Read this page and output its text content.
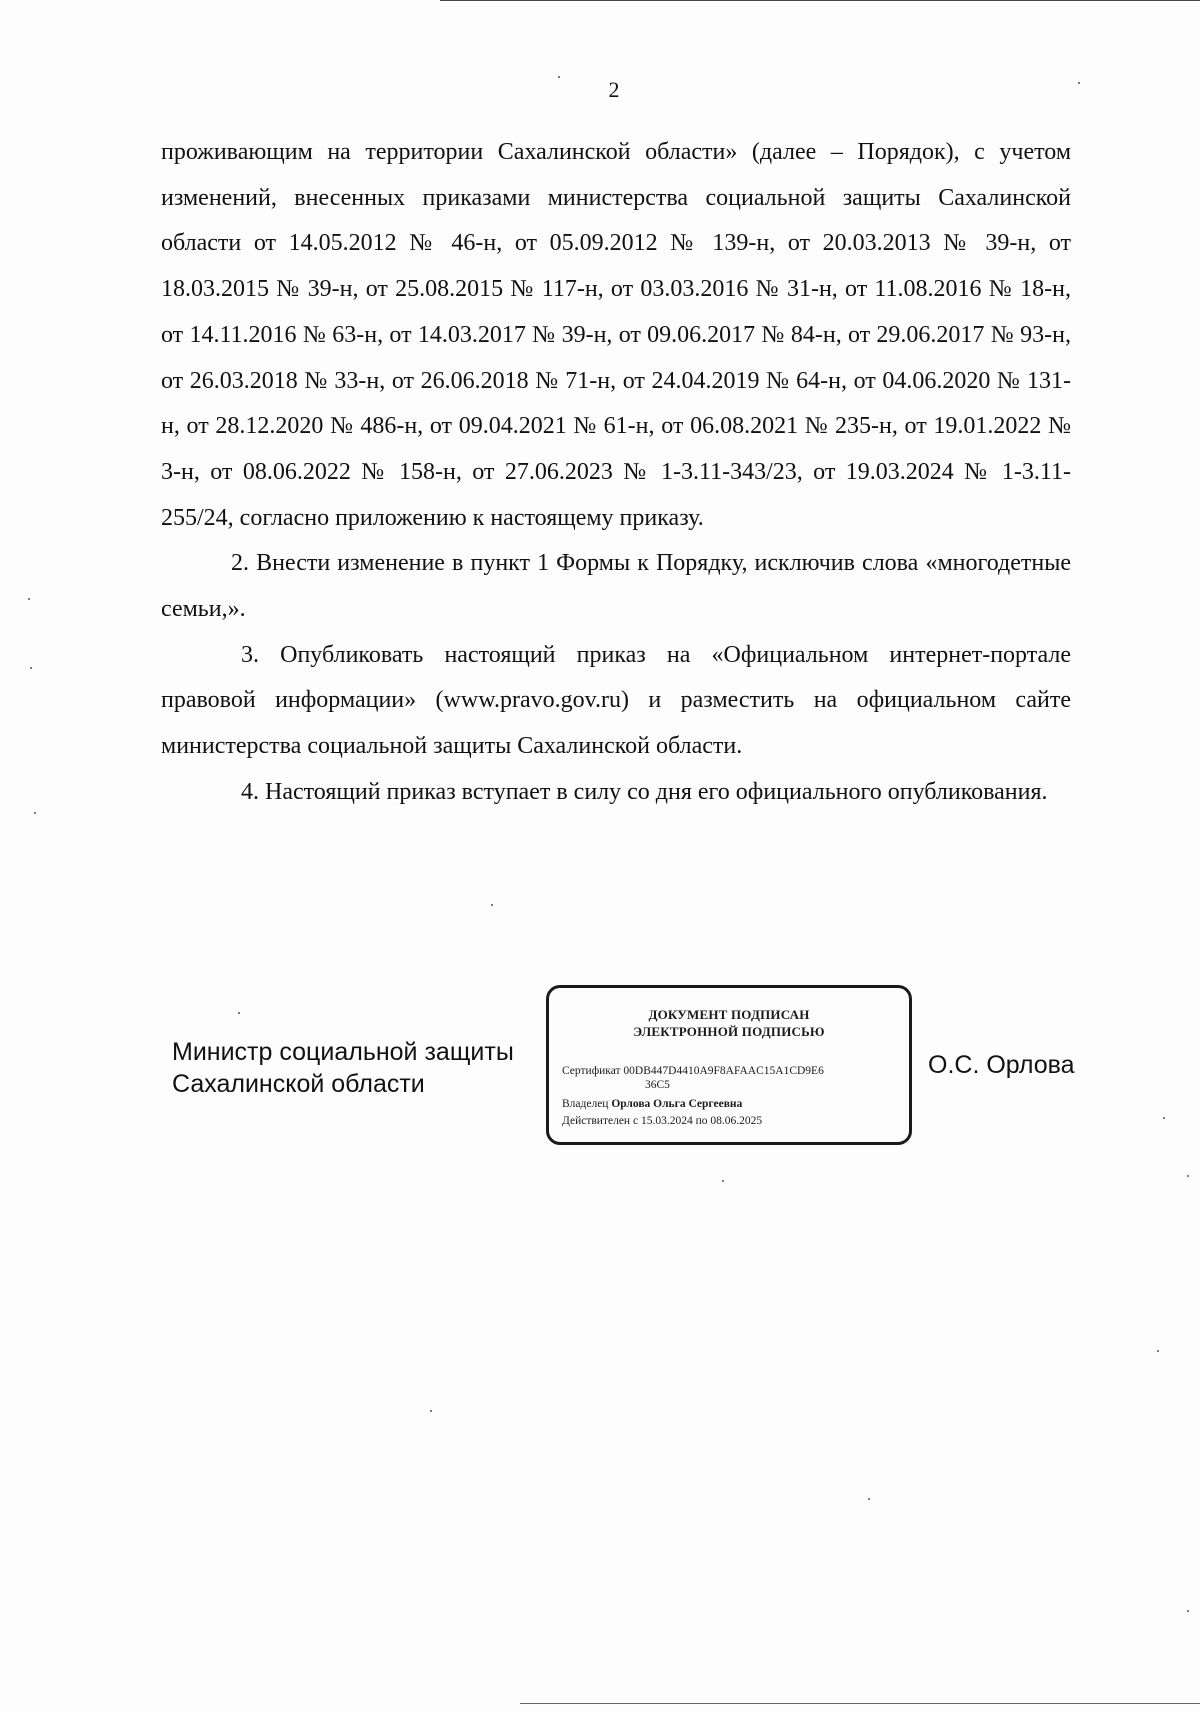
2

проживающим на территории Сахалинской области» (далее – Порядок), с учетом изменений, внесенных приказами министерства социальной защиты Сахалинской области от 14.05.2012 № 46-н, от 05.09.2012 № 139-н, от 20.03.2013 № 39-н, от 18.03.2015 № 39-н, от 25.08.2015 № 117-н, от 03.03.2016 № 31-н, от 11.08.2016 № 18-н, от 14.11.2016 № 63-н, от 14.03.2017 № 39-н, от 09.06.2017 № 84-н, от 29.06.2017 № 93-н, от 26.03.2018 № 33-н, от 26.06.2018 № 71-н, от 24.04.2019 № 64-н, от 04.06.2020 № 131-н, от 28.12.2020 № 486-н, от 09.04.2021 № 61-н, от 06.08.2021 № 235-н, от 19.01.2022 № 3-н, от 08.06.2022 № 158-н, от 27.06.2023 № 1-3.11-343/23, от 19.03.2024 № 1-3.11-255/24, согласно приложению к настоящему приказу.

2. Внести изменение в пункт 1 Формы к Порядку, исключив слова «многодетные семьи,».

3. Опубликовать настоящий приказ на «Официальном интернет-портале правовой информации» (www.pravo.gov.ru) и разместить на официальном сайте министерства социальной защиты Сахалинской области.

4. Настоящий приказ вступает в силу со дня его официального опубликования.

Министр социальной защиты
Сахалинской области
ДОКУМЕНТ ПОДПИСАН
ЭЛЕКТРОННОЙ ПОДПИСЬЮ
Сертификат 00DB447D4410A9F8AFAAC15A1CD9E6
36C5
Владелец Орлова Ольга Сергеевна
Действителен с 15.03.2024 по 08.06.2025
О.С. Орлова
